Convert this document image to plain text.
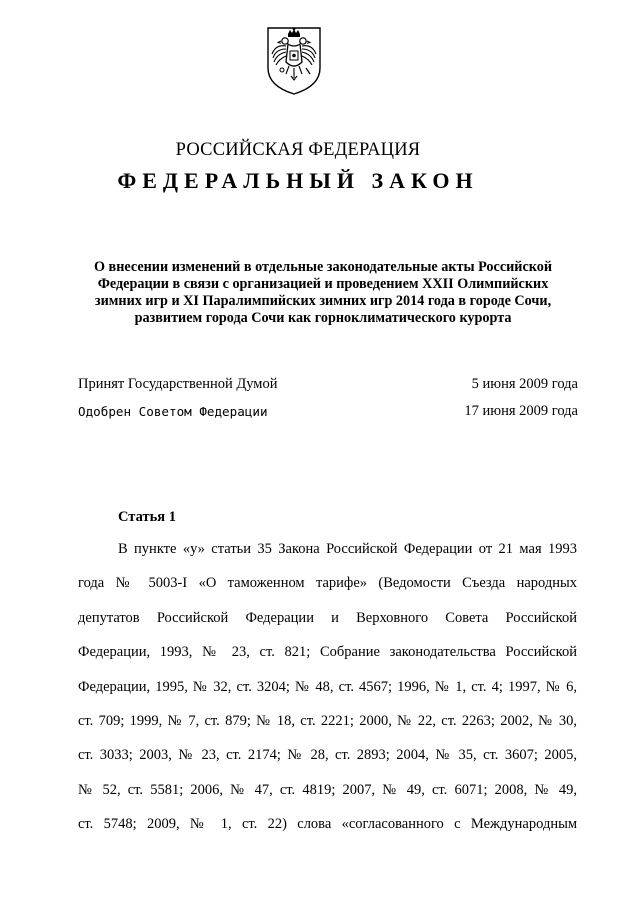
РОССИЙСКАЯ ФЕДЕРАЦИЯ
ФЕДЕРАЛЬНЫЙ ЗАКОН
О внесении изменений в отдельные законодательные акты Российской
Федерации в связи с организацией и проведением XXII Олимпийских
зимних игр и XI Паралимпийских зимних игр 2014 года в городе Сочи,
развитием города Сочи как горноклиматического курорта
Принят Государственной Думой	5 июня 2009 года
Одобрен Советом Федерации	17 июня 2009 года
Статья 1
В пункте «у» статьи 35 Закона Российской Федерации от 21 мая 1993
года № 5003-I «О таможенном тарифе» (Ведомости Съезда народных
депутатов Российской Федерации и Верховного Совета Российской
Федерации, 1993, № 23, ст. 821; Собрание законодательства Российской
Федерации, 1995, № 32, ст. 3204; № 48, ст. 4567; 1996, № 1, ст. 4; 1997, № 6,
ст. 709; 1999, № 7, ст. 879; № 18, ст. 2221; 2000, № 22, ст. 2263; 2002, № 30,
ст. 3033; 2003, № 23, ст. 2174; № 28, ст. 2893; 2004, № 35, ст. 3607; 2005,
№ 52, ст. 5581; 2006, № 47, ст. 4819; 2007, № 49, ст. 6071; 2008, № 49,
ст. 5748; 2009, № 1, ст. 22) слова «согласованного с Международным
